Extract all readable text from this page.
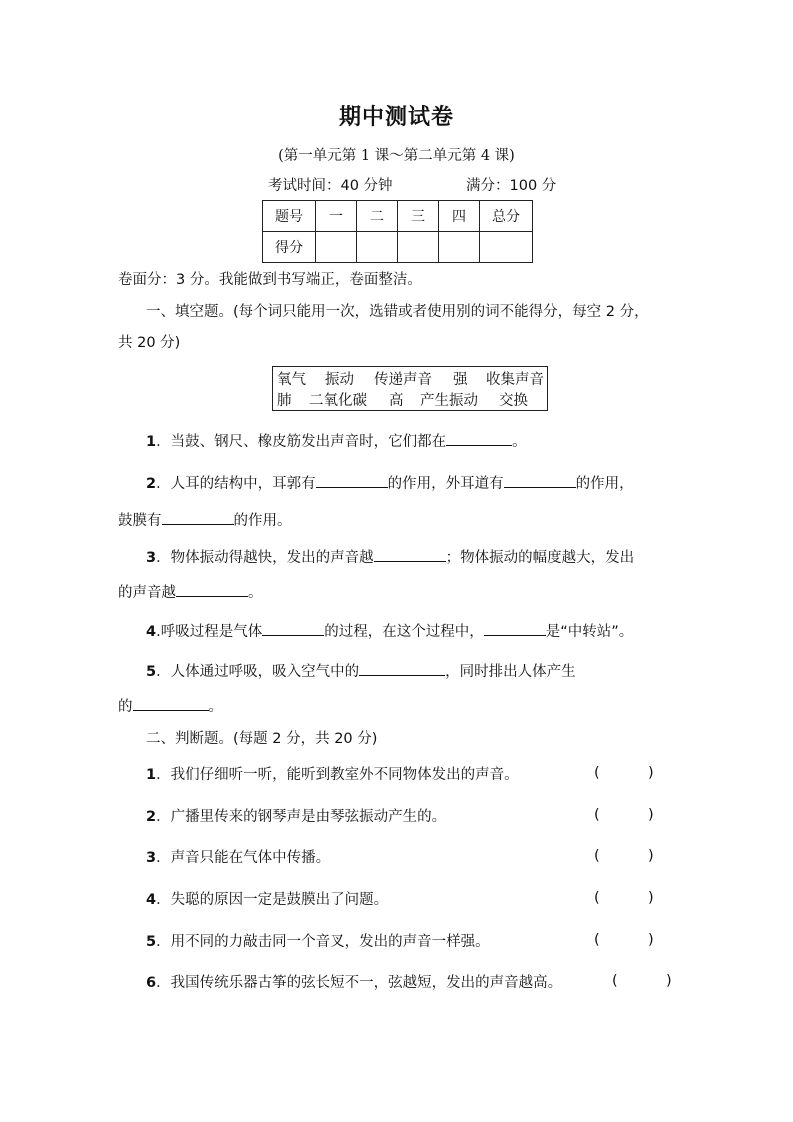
期中测试卷
(第一单元第 1 课～第二单元第 4 课)
考试时间：40 分钟	满分：100 分
题号	一	二	三	四	总分
得分					
卷面分：3 分。我能做到书写端正，卷面整洁。
一、填空题。(每个词只能用一次，选错或者使用别的词不能得分，每空 2 分，
共 20 分)
氧气 振动 传递声音 强 收集声音
肺 二氧化碳 高 产生振动 交换
1．当鼓、钢尺、橡皮筋发出声音时，它们都在	。
2．人耳的结构中，耳郭有	的作用，外耳道有	的作用，
鼓膜有	的作用。
3．物体振动得越快，发出的声音越	；物体振动的幅度越大，发出
的声音越	。
4.呼吸过程是气体	的过程，在这个过程中，	是“中转站”。
5．人体通过呼吸，吸入空气中的	，同时排出人体产生
的	。
二、判断题。(每题 2 分，共 20 分)
1．我们仔细听一听，能听到教室外不同物体发出的声音。	(	)
2．广播里传来的钢琴声是由琴弦振动产生的。	(	)
3．声音只能在气体中传播。	(	)
4．失聪的原因一定是鼓膜出了问题。	(	)
5．用不同的力敲击同一个音叉，发出的声音一样强。	(	)
6．我国传统乐器古筝的弦长短不一，弦越短，发出的声音越高。	(	)
